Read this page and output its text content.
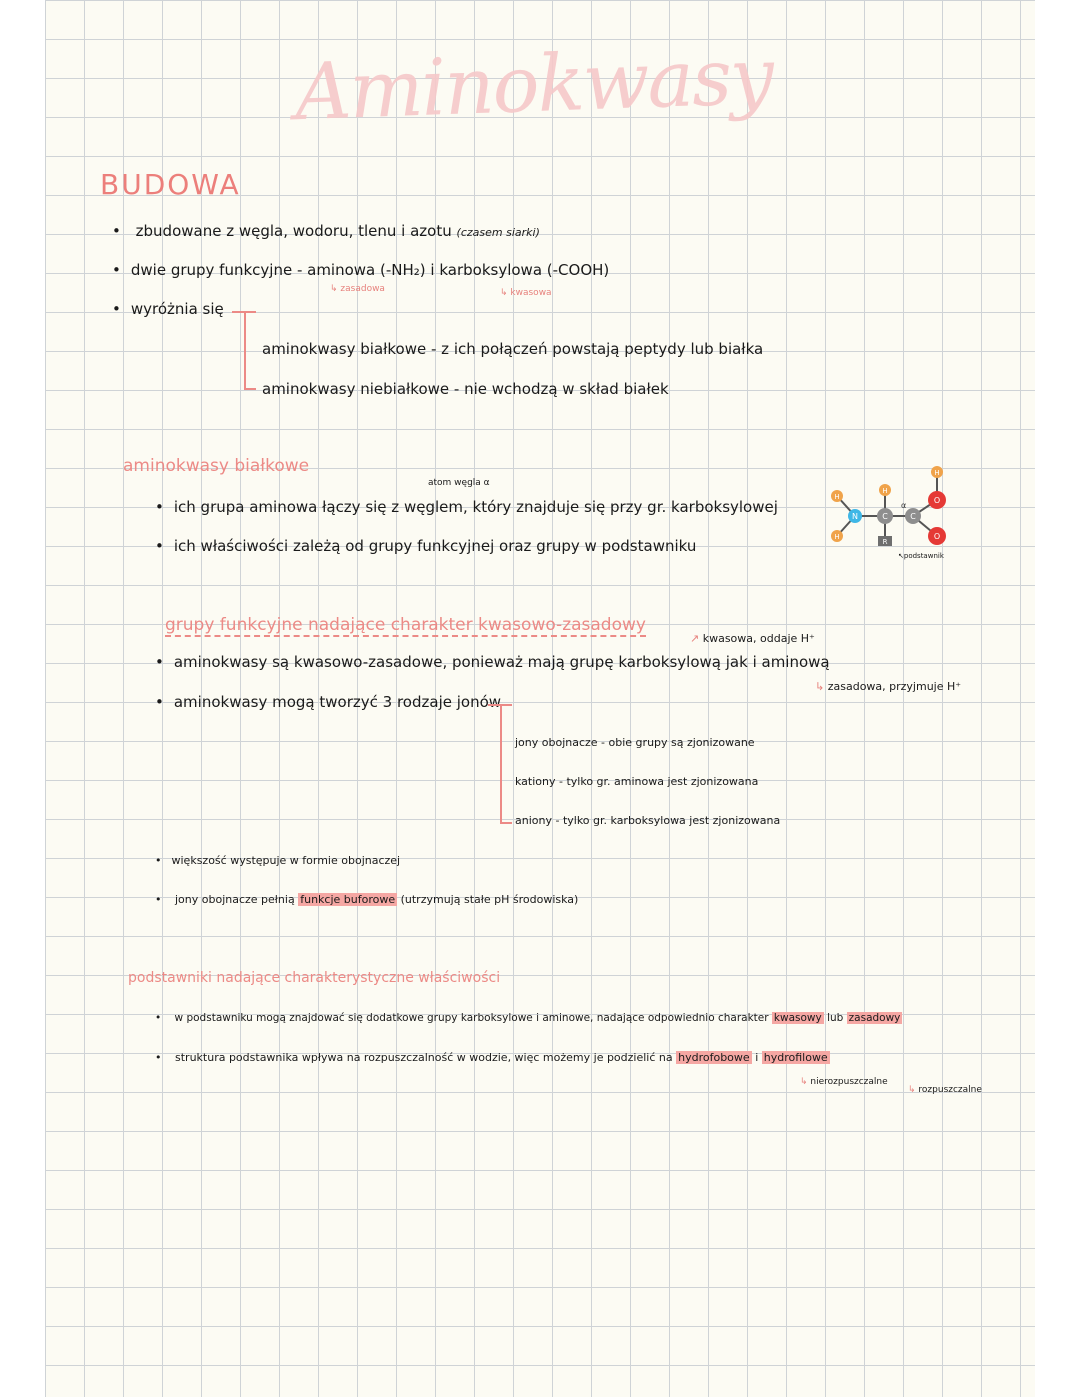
Aminokwasy
BUDOWA
• zbudowane z węgla, wodoru, tlenu i azotu (czasem siarki)
• dwie grupy funkcyjne - aminowa (-NH₂) i karboksylowa (-COOH)
↳ zasadowa	↳ kwasowa
• wyróżnia się
aminokwasy białkowe - z ich połączeń powstają peptydy lub białka
aminokwasy niebiałkowe - nie wchodzą w skład białek
aminokwasy białkowe
atom węgla α
• ich grupa aminowa łączy się z węglem, który znajduje się przy gr. karboksylowej
• ich właściwości zależą od grupy funkcyjnej oraz grupy w podstawniku
H
H
N
H
C
R
C
O
O
H
α
↖podstawnik
grupy funkcyjne nadające charakter kwasowo-zasadowy
↗ kwasowa, oddaje H⁺
• aminokwasy są kwasowo-zasadowe, ponieważ mają grupę karboksylową jak i aminową
↳ zasadowa, przyjmuje H⁺
• aminokwasy mogą tworzyć 3 rodzaje jonów
jony obojnacze - obie grupy są zjonizowane
kationy - tylko gr. aminowa jest zjonizowana
aniony - tylko gr. karboksylowa jest zjonizowana
• większość występuje w formie obojnaczej
• jony obojnacze pełnią funkcje buforowe (utrzymują stałe pH środowiska)
podstawniki nadające charakterystyczne właściwości
• w podstawniku mogą znajdować się dodatkowe grupy karboksylowe i aminowe, nadające odpowiednio charakter kwasowy lub zasadowy
• struktura podstawnika wpływa na rozpuszczalność w wodzie, więc możemy je podzielić na hydrofobowe i hydrofilowe
↳ nierozpuszczalne
↳ rozpuszczalne
